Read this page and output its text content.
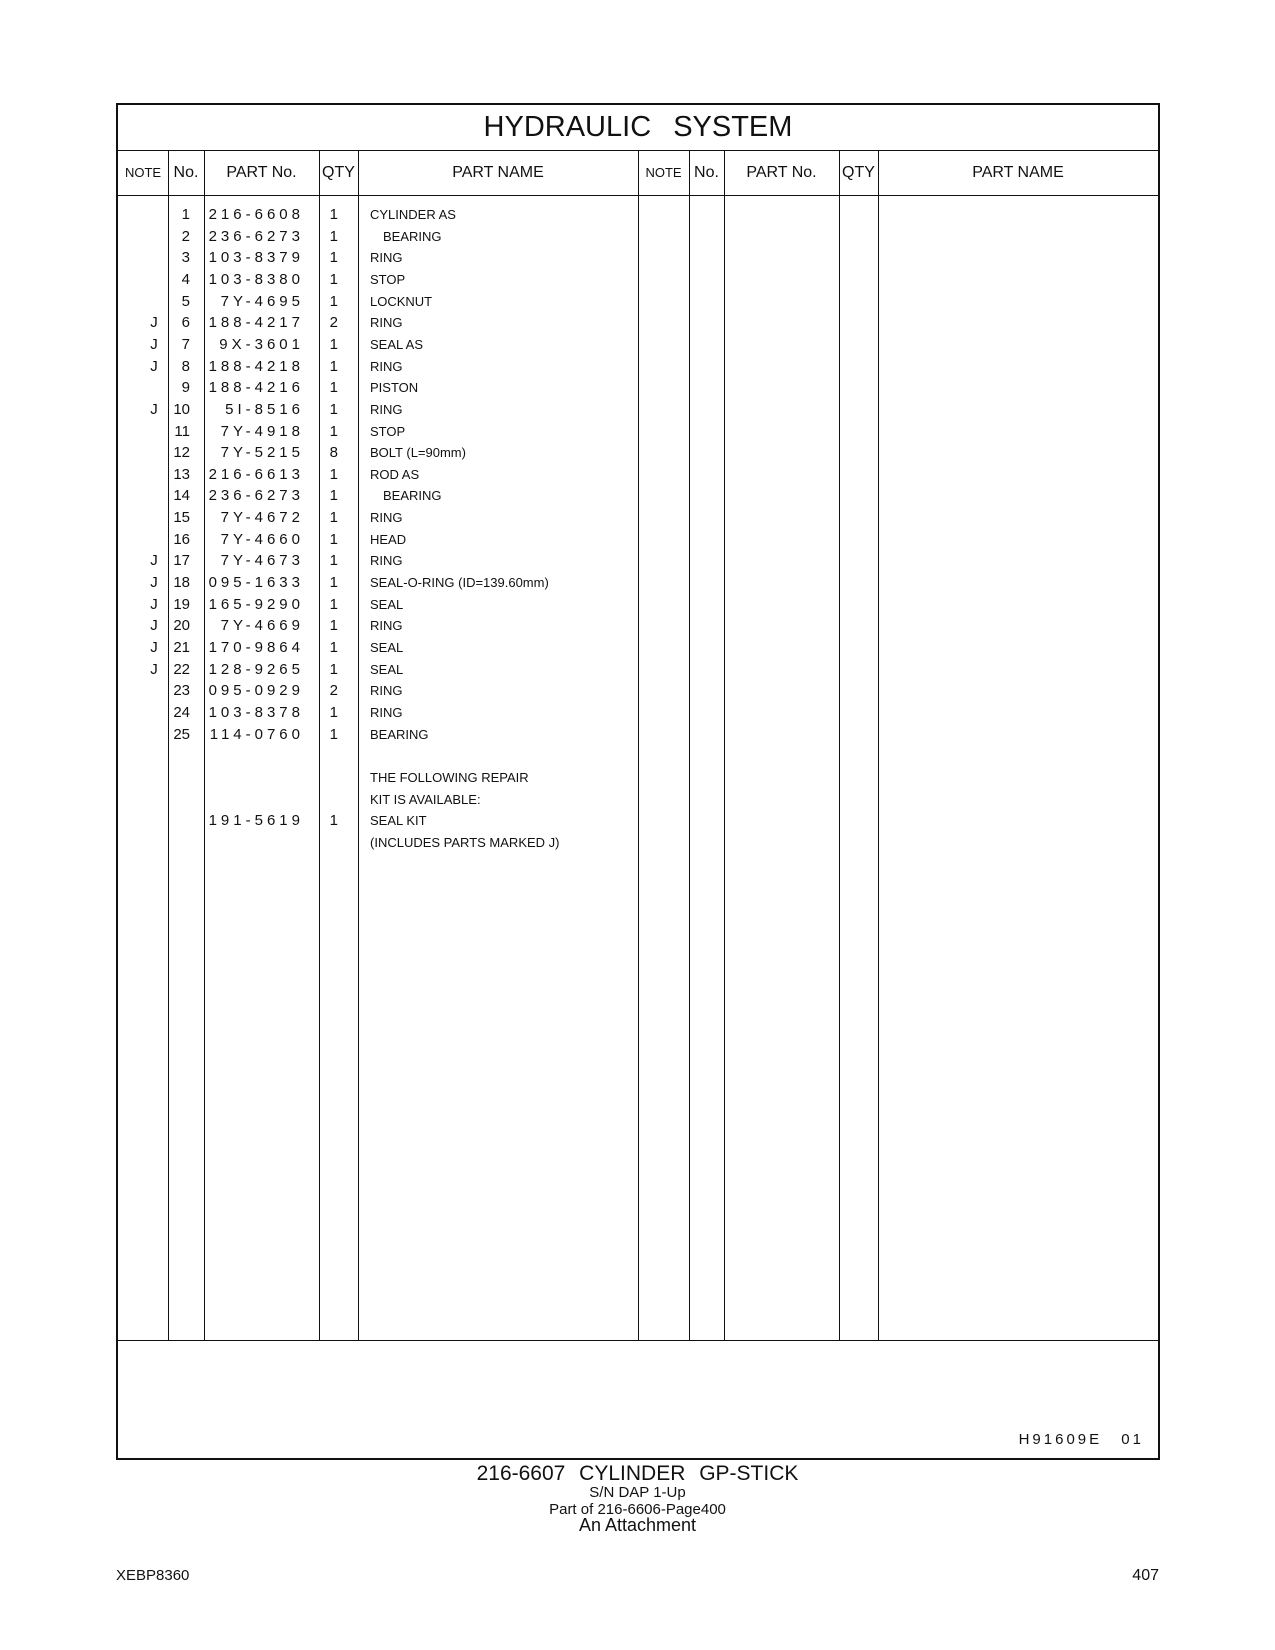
HYDRAULIC SYSTEM
NOTE No.	PART No.	QTY	PART NAME	NOTE No.	PART No.	QTY	PART NAME
1	216-6608	1 CYLINDER AS
2	236-6273	1	BEARING
3	103-8379	1 RING
4	103-8380	1 STOP
5	7Y-4695	1 LOCKNUT
J	6	188-4217	2 RING
J	7	9X-3601	1 SEAL AS
J	8	188-4218	1 RING
9	188-4216	1 PISTON
J	10	5I-8516	1 RING
11	7Y-4918	1 STOP
12	7Y-5215	8 BOLT (L=90mm)
13	216-6613	1 ROD AS
14	236-6273	1	BEARING
15	7Y-4672	1 RING
16	7Y-4660	1 HEAD
J	17	7Y-4673	1 RING
J	18	095-1633	1 SEAL-O-RING (ID=139.60mm)
J	19	165-9290	1 SEAL
J	20	7Y-4669	1 RING
J	21	170-9864	1 SEAL
J	22	128-9265	1 SEAL
23	095-0929	2 RING
24	103-8378	1 RING
25	114-0760	1 BEARING
THE FOLLOWING REPAIR
KIT IS AVAILABLE:
191-5619	1 SEAL KIT
(INCLUDES PARTS MARKED J)
H91609E 01
216-6607 CYLINDER GP-STICK
S/N DAP 1-Up
Part of 216-6606-Page400
An Attachment
XEBP8360	407
